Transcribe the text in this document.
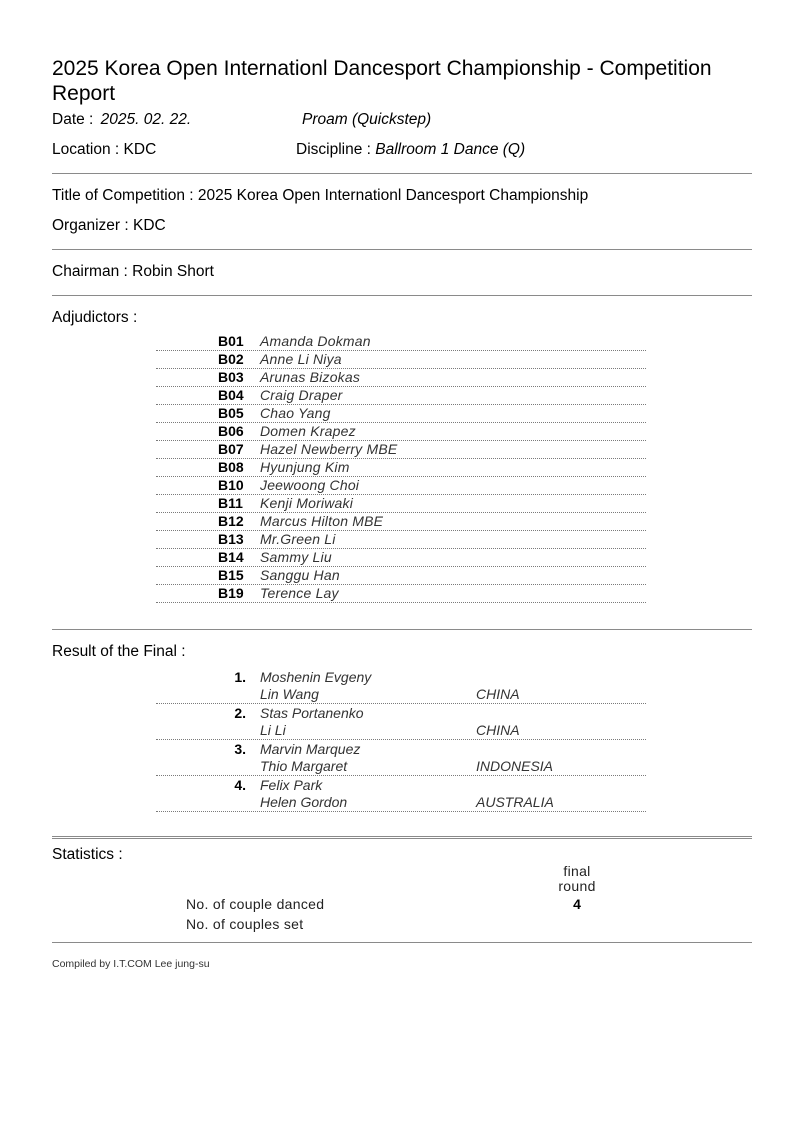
2025 Korea Open Internationl Dancesport Championship - Competition Report
Date : 2025. 02. 22.	Proam (Quickstep)
Location : KDC	Discipline : Ballroom 1 Dance (Q)
Title of Competition : 2025 Korea Open Internationl Dancesport Championship
Organizer : KDC
Chairman : Robin Short
Adjudictors :
B01 Amanda Dokman
B02 Anne Li Niya
B03 Arunas Bizokas
B04 Craig Draper
B05 Chao Yang
B06 Domen Krapez
B07 Hazel Newberry MBE
B08 Hyunjung Kim
B10 Jeewoong Choi
B11 Kenji Moriwaki
B12 Marcus Hilton MBE
B13 Mr.Green Li
B14 Sammy Liu
B15 Sanggu Han
B19 Terence Lay
Result of the Final :
1. Moshenin Evgeny
Lin Wang	CHINA
2. Stas Portanenko
Li Li	CHINA
3. Marvin Marquez
Thio Margaret	INDONESIA
4. Felix Park
Helen Gordon	AUSTRALIA
Statistics :
final
round
No. of couple danced	4
No. of couples set
Compiled by I.T.COM Lee jung-su
